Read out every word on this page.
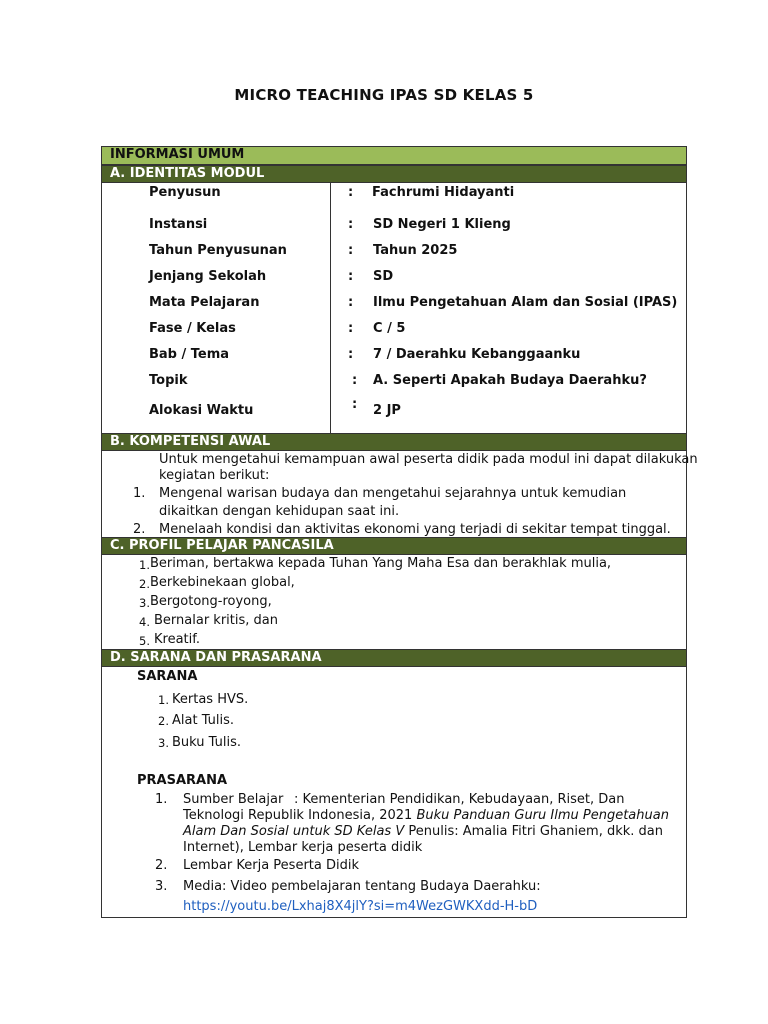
MICRO TEACHING IPAS SD KELAS 5
INFORMASI UMUM
A. IDENTITAS MODUL
Penyusun	: Fachrumi Hidayanti
Instansi	: SD Negeri 1 Klieng
Tahun Penyusunan	: Tahun 2025
Jenjang Sekolah	: SD
Mata Pelajaran	: Ilmu Pengetahuan Alam dan Sosial (IPAS)
Fase / Kelas	: C / 5
Bab / Tema	: 7 / Daerahku Kebanggaanku
Topik	: A. Seperti Apakah Budaya Daerahku?
Alokasi Waktu	: 2 JP
B. KOMPETENSI AWAL
Untuk mengetahui kemampuan awal peserta didik pada modul ini dapat dilakukan
kegiatan berikut:
1. Mengenal warisan budaya dan mengetahui sejarahnya untuk kemudian
dikaitkan dengan kehidupan saat ini.
2. Menelaah kondisi dan aktivitas ekonomi yang terjadi di sekitar tempat tinggal.
C. PROFIL PELAJAR PANCASILA
1. Beriman, bertakwa kepada Tuhan Yang Maha Esa dan berakhlak mulia,
2. Berkebinekaan global,
3. Bergotong-royong,
4. Bernalar kritis, dan
5. Kreatif.
D. SARANA DAN PRASARANA
SARANA
1. Kertas HVS.
2. Alat Tulis.
3. Buku Tulis.
PRASARANA
1. Sumber Belajar : Kementerian Pendidikan, Kebudayaan, Riset, Dan
Teknologi Republik Indonesia, 2021 Buku Panduan Guru Ilmu Pengetahuan
Alam Dan Sosial untuk SD Kelas V Penulis: Amalia Fitri Ghaniem, dkk. dan
Internet), Lembar kerja peserta didik
2. Lembar Kerja Peserta Didik
3. Media: Video pembelajaran tentang Budaya Daerahku:
https://youtu.be/Lxhaj8X4jlY?si=m4WezGWKXdd-H-bD
